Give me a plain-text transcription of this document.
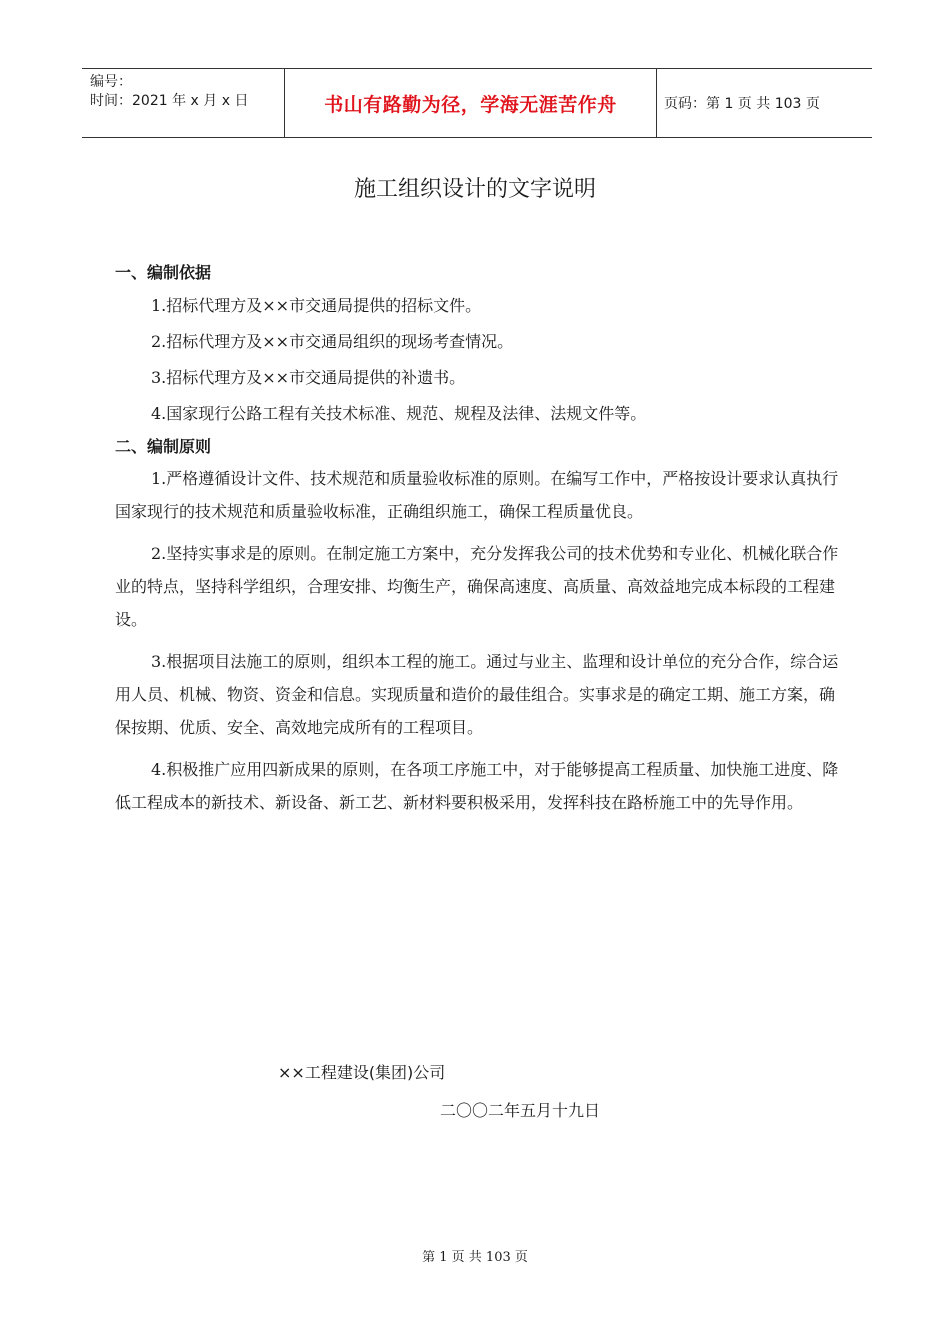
编号：
时间：2021 年 x 月 x 日	书山有路勤为径，学海无涯苦作舟	页码：第 1 页 共 103 页
施工组织设计的文字说明
一、编制依据

1.招标代理方及××市交通局提供的招标文件。

2.招标代理方及××市交通局组织的现场考查情况。

3.招标代理方及××市交通局提供的补遗书。

4.国家现行公路工程有关技术标准、规范、规程及法律、法规文件等。

二、编制原则

1.严格遵循设计文件、技术规范和质量验收标准的原则。在编写工作中，严格按设计要求认真执行国家现行的技术规范和质量验收标准，正确组织施工，确保工程质量优良。

2.坚持实事求是的原则。在制定施工方案中，充分发挥我公司的技术优势和专业化、机械化联合作业的特点，坚持科学组织，合理安排、均衡生产，确保高速度、高质量、高效益地完成本标段的工程建设。

3.根据项目法施工的原则，组织本工程的施工。通过与业主、监理和设计单位的充分合作，综合运用人员、机械、物资、资金和信息。实现质量和造价的最佳组合。实事求是的确定工期、施工方案，确保按期、优质、安全、高效地完成所有的工程项目。

4.积极推广应用四新成果的原则，在各项工序施工中，对于能够提高工程质量、加快施工进度、降低工程成本的新技术、新设备、新工艺、新材料要积极采用，发挥科技在路桥施工中的先导作用。

××工程建设(集团)公司
二〇〇二年五月十九日
第 1 页 共 103 页
